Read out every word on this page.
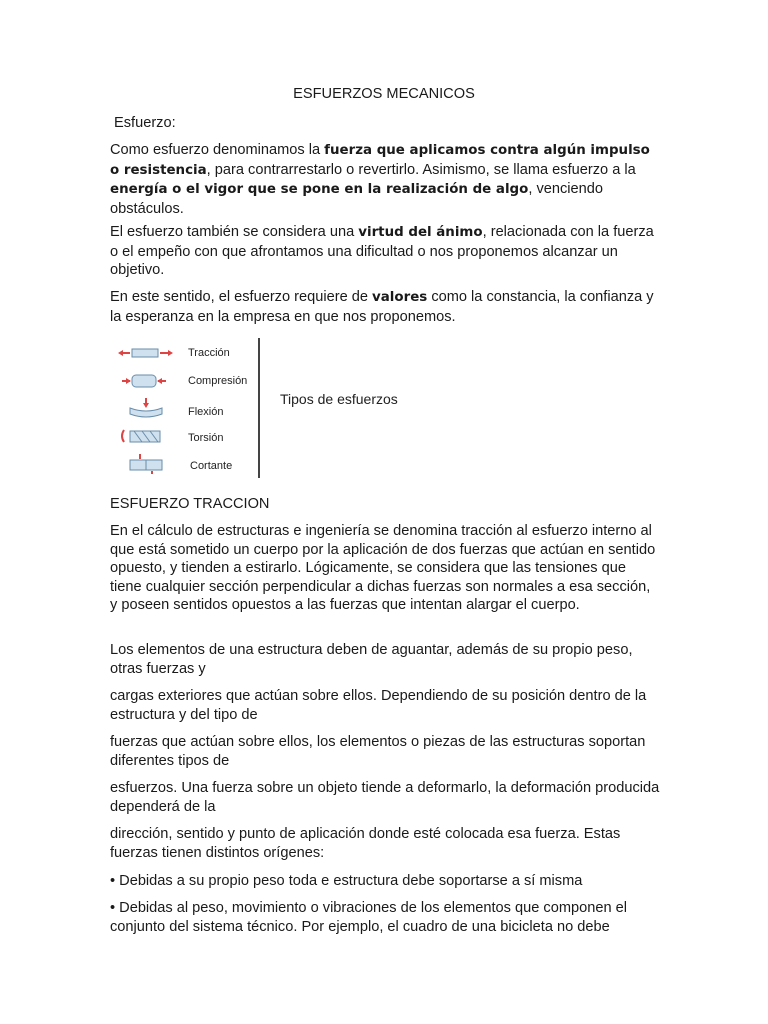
ESFUERZOS MECANICOS

Esfuerzo:

Como esfuerzo denominamos la fuerza que aplicamos contra algún impulso o resistencia, para contrarrestarlo o revertirlo. Asimismo, se llama esfuerzo a la energía o el vigor que se pone en la realización de algo, venciendo obstáculos.

El esfuerzo también se considera una virtud del ánimo, relacionada con la fuerza o el empeño con que afrontamos una dificultad o nos proponemos alcanzar un objetivo.

En este sentido, el esfuerzo requiere de valores como la constancia, la confianza y la esperanza en la empresa en que nos proponemos.

Tracción
Compresión
Flexión
Torsión
Cortante
Tipos de esfuerzos

ESFUERZO TRACCION

En el cálculo de estructuras e ingeniería se denomina tracción al esfuerzo interno al que está sometido un cuerpo por la aplicación de dos fuerzas que actúan en sentido opuesto, y tienden a estirarlo. Lógicamente, se considera que las tensiones que tiene cualquier sección perpendicular a dichas fuerzas son normales a esa sección, y poseen sentidos opuestos a las fuerzas que intentan alargar el cuerpo.

Los elementos de una estructura deben de aguantar, además de su propio peso, otras fuerzas y

cargas exteriores que actúan sobre ellos. Dependiendo de su posición dentro de la estructura y del tipo de

fuerzas que actúan sobre ellos, los elementos o piezas de las estructuras soportan diferentes tipos de

esfuerzos. Una fuerza sobre un objeto tiende a deformarlo, la deformación producida dependerá de la

dirección, sentido y punto de aplicación donde esté colocada esa fuerza. Estas fuerzas tienen distintos orígenes:

• Debidas a su propio peso toda e estructura debe soportarse a sí misma

• Debidas al peso, movimiento o vibraciones de los elementos que componen el conjunto del sistema técnico. Por ejemplo, el cuadro de una bicicleta no debe
